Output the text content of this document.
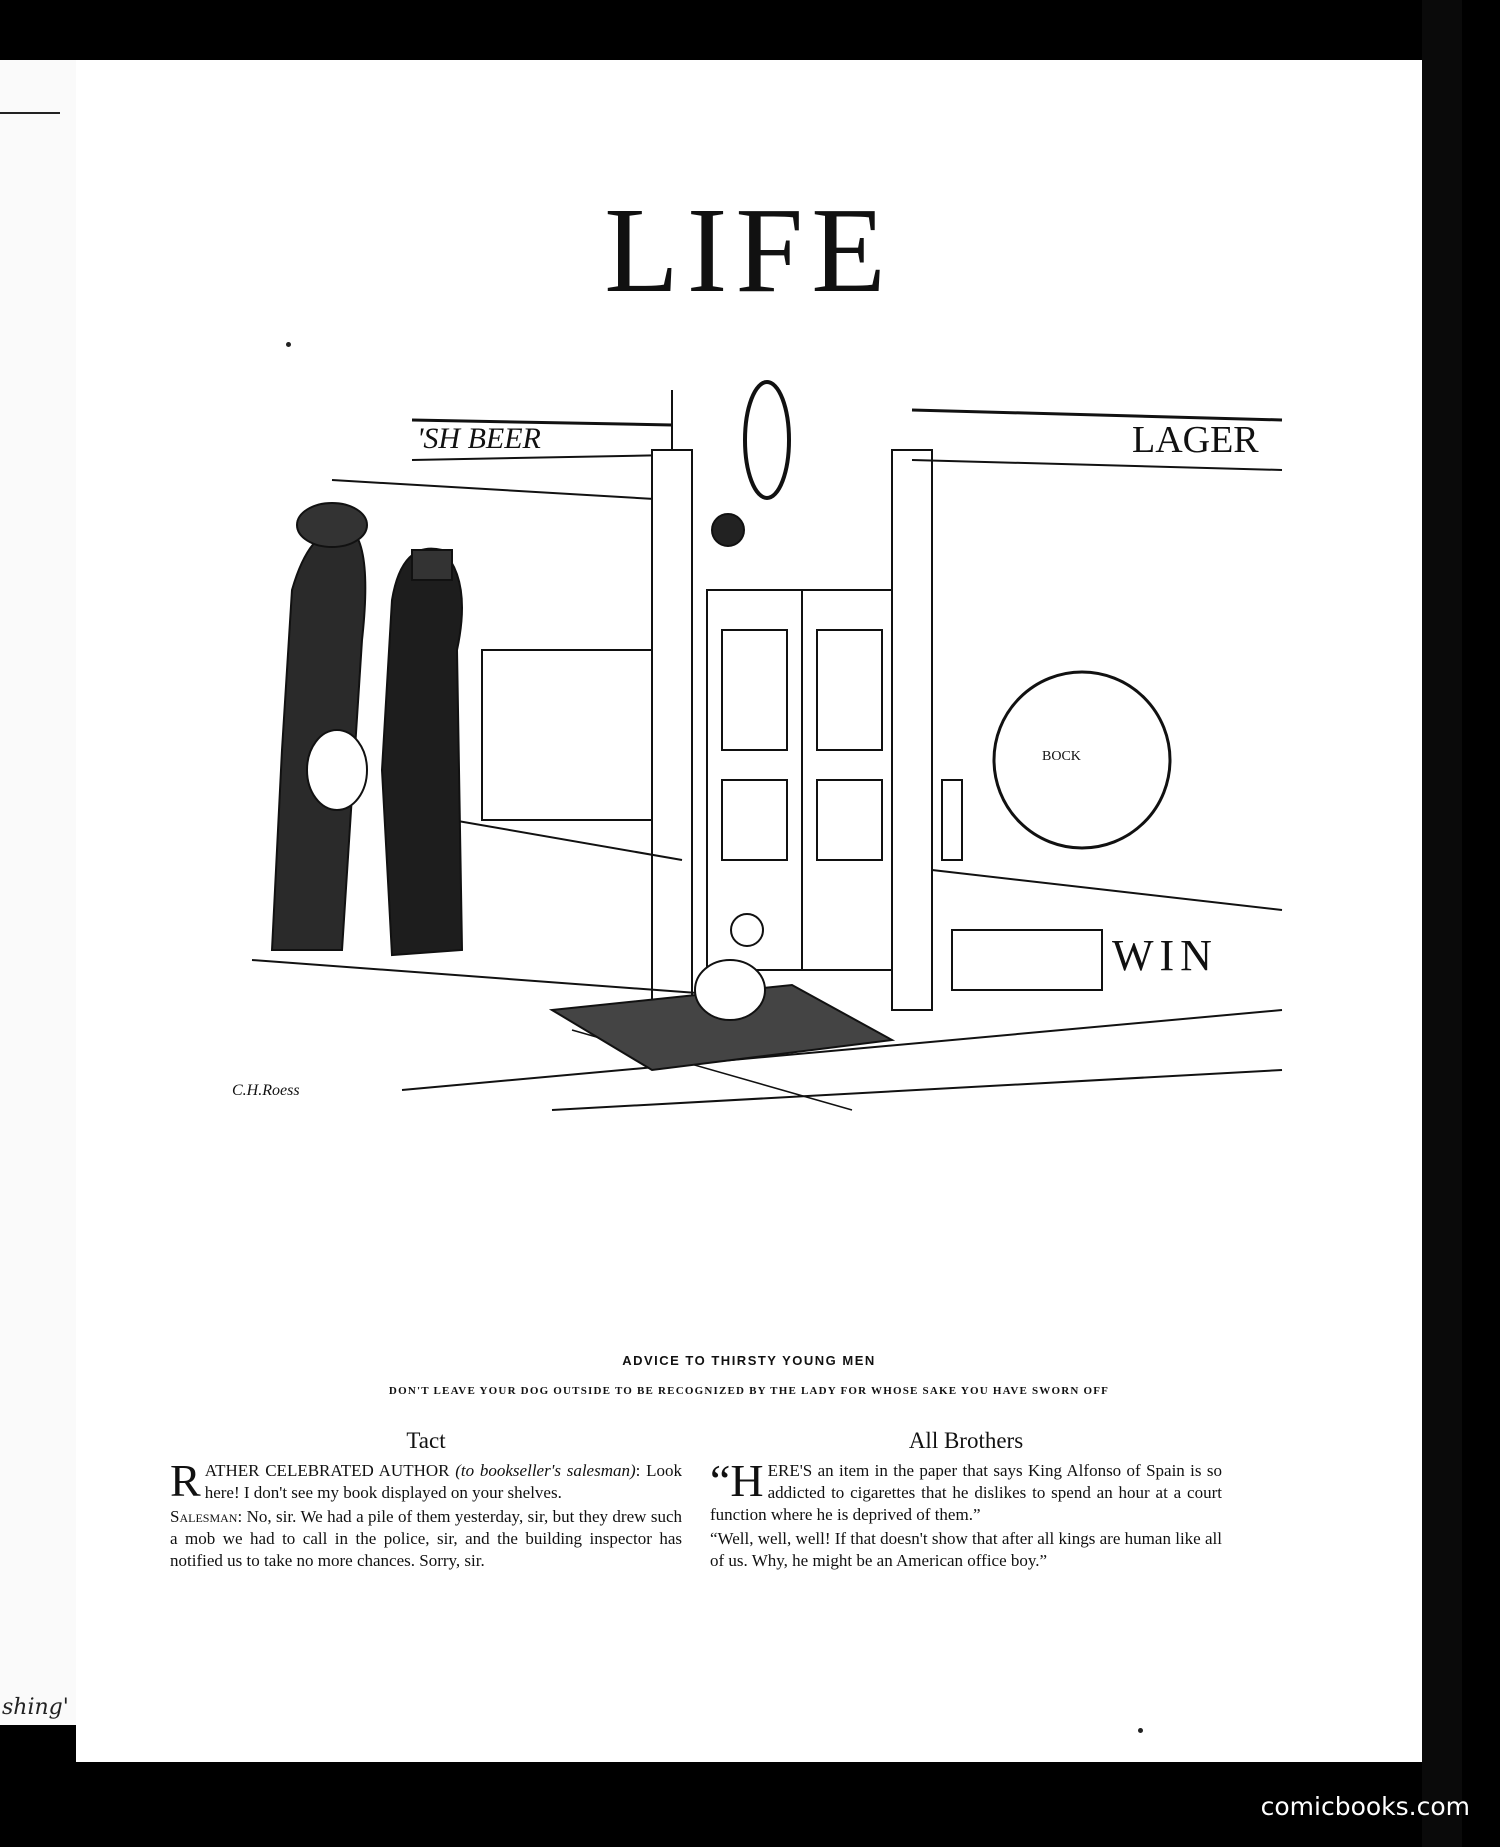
shing'
LIFE
'SH BEER	LAGER
WIN
BOCK
C.H.Roess
ADVICE TO THIRSTY YOUNG MEN
DON'T LEAVE YOUR DOG OUTSIDE TO BE RECOGNIZED BY THE LADY FOR WHOSE SAKE YOU HAVE SWORN OFF
Tact

R ATHER CELEBRATED AUTHOR (to bookseller's salesman): Look here! I don't see my book displayed on your shelves.

Salesman: No, sir. We had a pile of them yesterday, sir, but they drew such a mob we had to call in the police, sir, and the building inspector has notified us to take no more chances. Sorry, sir.

All Brothers

“H ERE'S an item in the paper that says King Alfonso of Spain is so addicted to cigarettes that he dislikes to spend an hour at a court function where he is deprived of them.”

“Well, well, well! If that doesn't show that after all kings are human like all of us. Why, he might be an American office boy.”

comicbooks.com
